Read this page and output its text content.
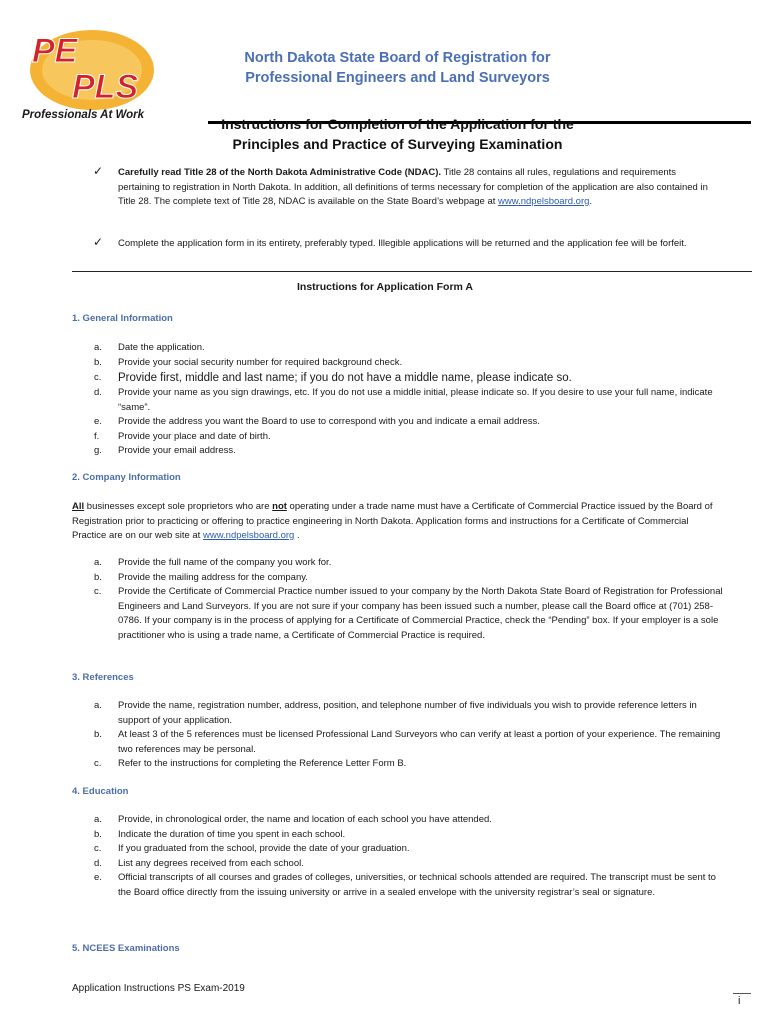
PE
PLS
Professionals At Work
North Dakota State Board of Registration for
Professional Engineers and Land Surveyors
Instructions for Completion of the Application for the
Principles and Practice of Surveying Examination
✓ Carefully read Title 28 of the North Dakota Administrative Code (NDAC). Title 28 contains all rules, regulations and requirements pertaining to registration in North Dakota. In addition, all definitions of terms necessary for completion of the application are also contained in Title 28. The complete text of Title 28, NDAC is available on the State Board’s webpage at www.ndpelsboard.org.
✓ Complete the application form in its entirety, preferably typed. Illegible applications will be returned and the application fee will be forfeit.
Instructions for Application Form A
1. General Information
a. Date the application.
b. Provide your social security number for required background check.
c. Provide first, middle and last name; if you do not have a middle name, please indicate so.
d. Provide your name as you sign drawings, etc. If you do not use a middle initial, please indicate so. If you desire to use your full name, indicate “same”.
e. Provide the address you want the Board to use to correspond with you and indicate a email address.
f. Provide your place and date of birth.
g. Provide your email address.
2. Company Information
All businesses except sole proprietors who are not operating under a trade name must have a Certificate of Commercial Practice issued by the Board of Registration prior to practicing or offering to practice engineering in North Dakota. Application forms and instructions for a Certificate of Commercial Practice are on our web site at www.ndpelsboard.org .
a. Provide the full name of the company you work for.
b. Provide the mailing address for the company.
c. Provide the Certificate of Commercial Practice number issued to your company by the North Dakota State Board of Registration for Professional Engineers and Land Surveyors. If you are not sure if your company has been issued such a number, please call the Board office at (701) 258-0786. If your company is in the process of applying for a Certificate of Commercial Practice, check the “Pending” box. If your employer is a sole practitioner who is using a trade name, a Certificate of Commercial Practice is required.
3. References
a. Provide the name, registration number, address, position, and telephone number of five individuals you wish to provide reference letters in support of your application.
b. At least 3 of the 5 references must be licensed Professional Land Surveyors who can verify at least a portion of your experience. The remaining two references may be personal.
c. Refer to the instructions for completing the Reference Letter Form B.
4. Education
a. Provide, in chronological order, the name and location of each school you have attended.
b. Indicate the duration of time you spent in each school.
c. If you graduated from the school, provide the date of your graduation.
d. List any degrees received from each school.
e. Official transcripts of all courses and grades of colleges, universities, or technical schools attended are required. The transcript must be sent to the Board office directly from the issuing university or arrive in a sealed envelope with the university registrar’s seal or signature.
5. NCEES Examinations
Application Instructions PS Exam-2019
i
